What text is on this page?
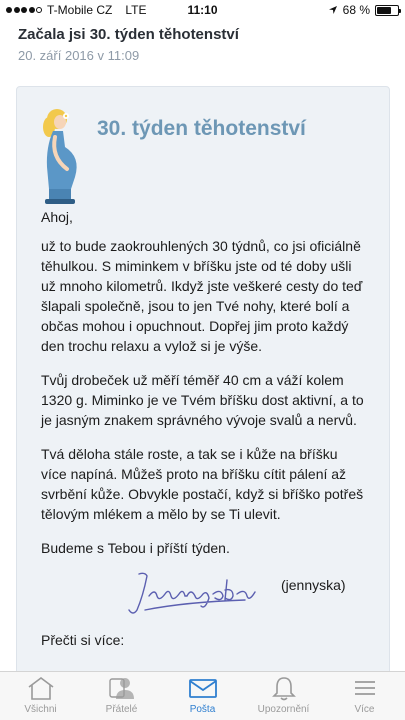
T-Mobile CZ LTE	11:10	68 %
Začala jsi 30. týden těhotenství
20. září 2016 v 11:09
30. týden těhotenství

Ahoj,

už to bude zaokrouhlených 30 týdnů, co jsi oficiálně těhulkou. S miminkem v bříšku jste od té doby ušli už mnoho kilometrů. Ikdyž jste veškeré cesty do teď šlapali společně, jsou to jen Tvé nohy, které bolí a občas mohou i opuchnout. Dopřej jim proto každý den trochu relaxu a vylož si je výše.

Tvůj drobeček už měří téměř 40 cm a váží kolem 1320 g. Miminko je ve Tvém bříšku dost aktivní, a to je jasným znakem správného vývoje svalů a nervů.

Tvá děloha stále roste, a tak se i kůže na bříšku více napíná. Můžeš proto na bříšku cítit pálení až svrbění kůže. Obvykle postačí, když si bříško potřeš tělovým mlékem a mělo by se Ti ulevit.

Budeme s Tebou i příští týden.

(jennyska)
Přečti si více:
Všichni	Přátelé	Pošta	Upozornění	Více
